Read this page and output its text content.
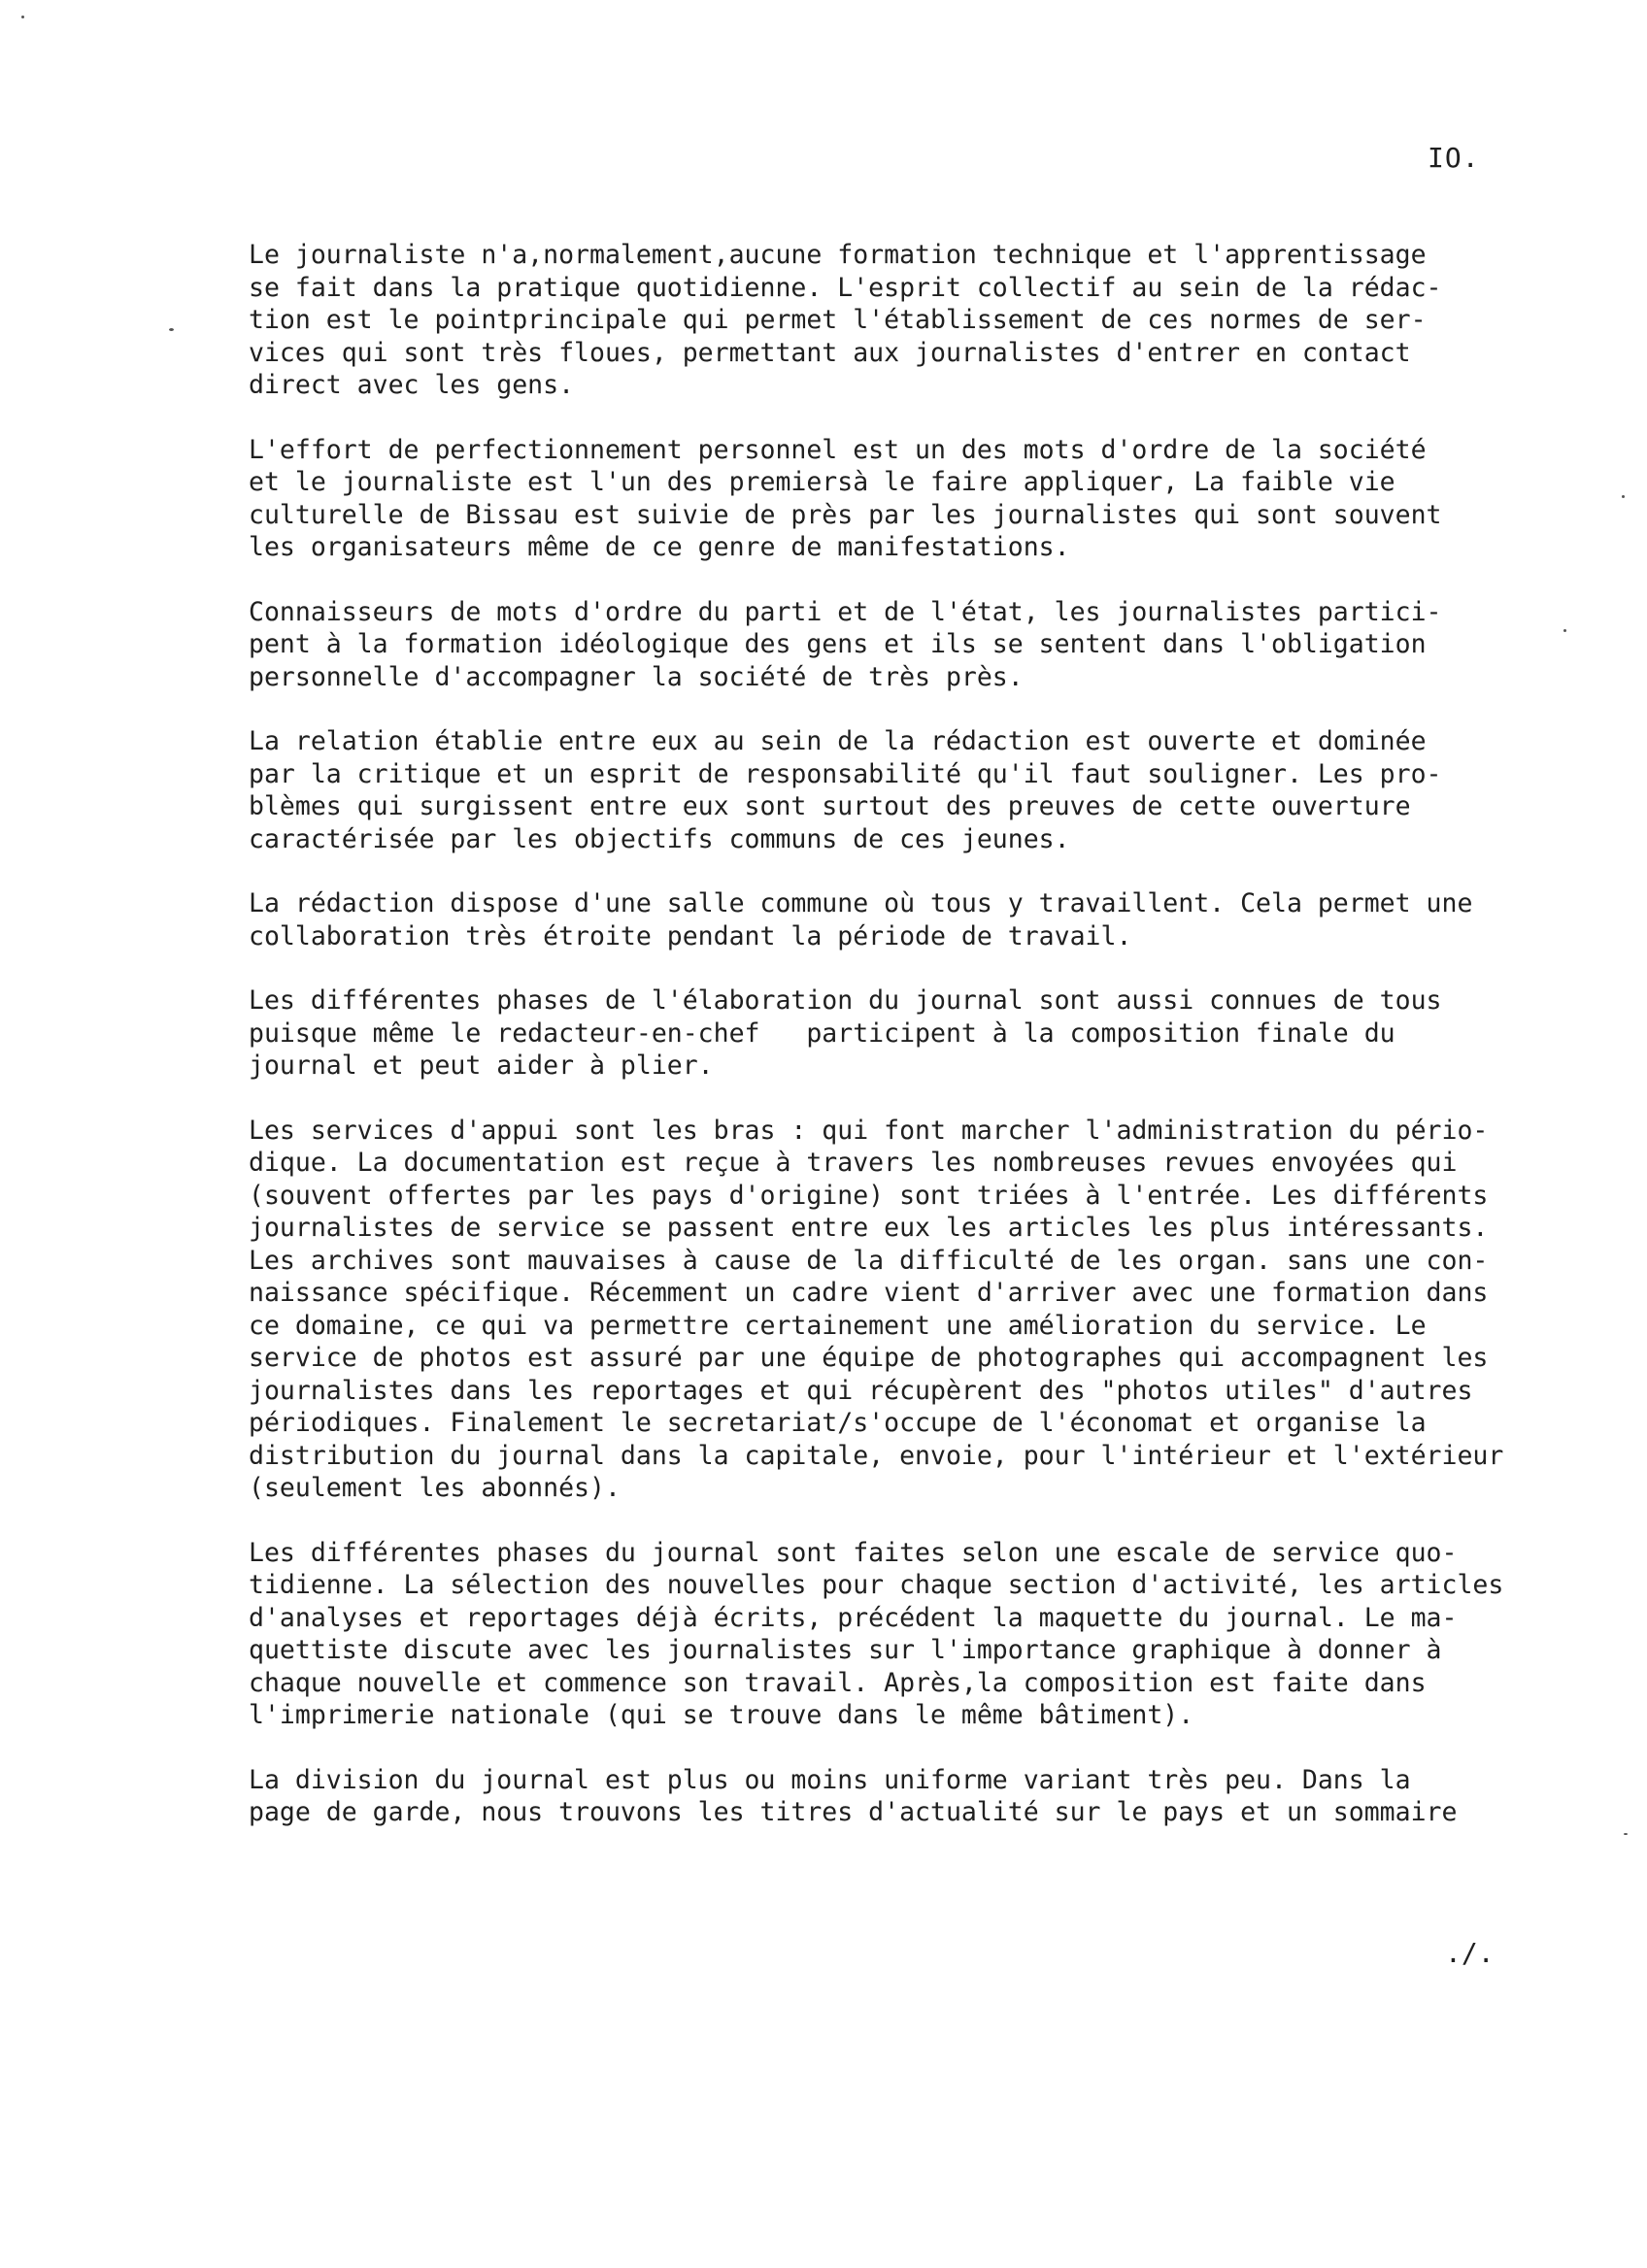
IO.
Le journaliste n'a,normalement,aucune formation technique et l'apprentissage
se fait dans la pratique quotidienne. L'esprit collectif au sein de la rédac-
tion est le pointprincipale qui permet l'établissement de ces normes de ser-
vices qui sont très floues, permettant aux journalistes d'entrer en contact
direct avec les gens.
L'effort de perfectionnement personnel est un des mots d'ordre de la société
et le journaliste est l'un des premiersà le faire appliquer, La faible vie
culturelle de Bissau est suivie de près par les journalistes qui sont souvent
les organisateurs même de ce genre de manifestations.
Connaisseurs de mots d'ordre du parti et de l'état, les journalistes partici-
pent à la formation idéologique des gens et ils se sentent dans l'obligation
personnelle d'accompagner la société de très près.
La relation établie entre eux au sein de la rédaction est ouverte et dominée
par la critique et un esprit de responsabilité qu'il faut souligner. Les pro-
blèmes qui surgissent entre eux sont surtout des preuves de cette ouverture
caractérisée par les objectifs communs de ces jeunes.
La rédaction dispose d'une salle commune où tous y travaillent. Cela permet une
collaboration très étroite pendant la période de travail.
Les différentes phases de l'élaboration du journal sont aussi connues de tous
puisque même le redacteur-en-chef   participent à la composition finale du
journal et peut aider à plier.
Les services d'appui sont les bras : qui font marcher l'administration du pério-
dique. La documentation est reçue à travers les nombreuses revues envoyées qui
(souvent offertes par les pays d'origine) sont triées à l'entrée. Les différents
journalistes de service se passent entre eux les articles les plus intéressants.
Les archives sont mauvaises à cause de la difficulté de les organ. sans une con-
naissance spécifique. Récemment un cadre vient d'arriver avec une formation dans
ce domaine, ce qui va permettre certainement une amélioration du service. Le
service de photos est assuré par une équipe de photographes qui accompagnent les
journalistes dans les reportages et qui récupèrent des "photos utiles" d'autres
périodiques. Finalement le secretariat/s'occupe de l'économat et organise la
distribution du journal dans la capitale, envoie, pour l'intérieur et l'extérieur
(seulement les abonnés).
Les différentes phases du journal sont faites selon une escale de service quo-
tidienne. La sélection des nouvelles pour chaque section d'activité, les articles
d'analyses et reportages déjà écrits, précédent la maquette du journal. Le ma-
quettiste discute avec les journalistes sur l'importance graphique à donner à
chaque nouvelle et commence son travail. Après,la composition est faite dans
l'imprimerie nationale (qui se trouve dans le même bâtiment).
La division du journal est plus ou moins uniforme variant très peu. Dans la
page de garde, nous trouvons les titres d'actualité sur le pays et un sommaire
./.
